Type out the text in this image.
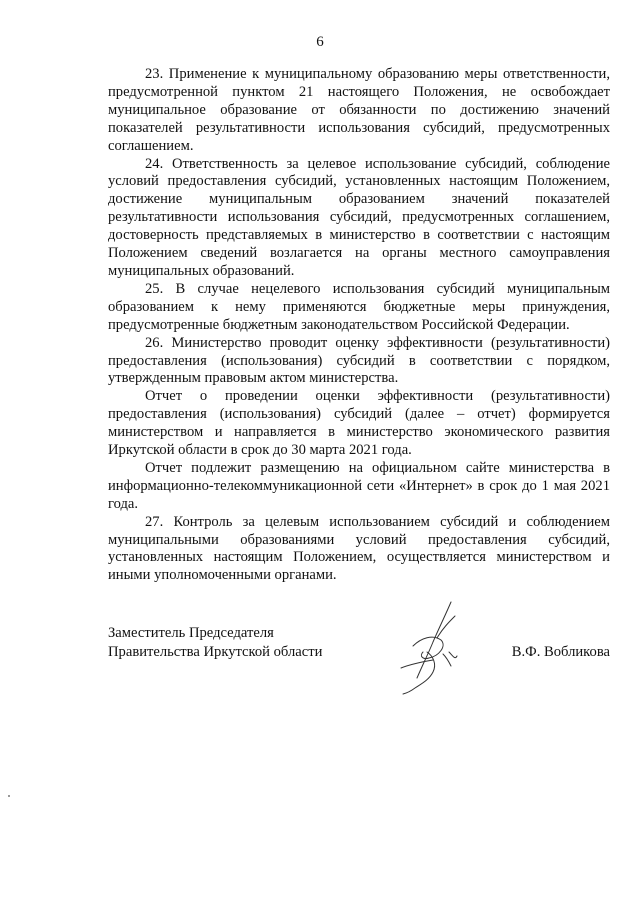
6

23. Применение к муниципальному образованию меры ответственности, предусмотренной пунктом 21 настоящего Положения, не освобождает муниципальное образование от обязанности по достижению значений показателей результативности использования субсидий, предусмотренных соглашением.

24. Ответственность за целевое использование субсидий, соблюдение условий предоставления субсидий, установленных настоящим Положением, достижение муниципальным образованием значений показателей результативности использования субсидий, предусмотренных соглашением, достоверность представляемых в министерство в соответствии с настоящим Положением сведений возлагается на органы местного самоуправления муниципальных образований.

25. В случае нецелевого использования субсидий муниципальным образованием к нему применяются бюджетные меры принуждения, предусмотренные бюджетным законодательством Российской Федерации.

26. Министерство проводит оценку эффективности (результативности) предоставления (использования) субсидий в соответствии с порядком, утвержденным правовым актом министерства.

Отчет о проведении оценки эффективности (результативности) предоставления (использования) субсидий (далее – отчет) формируется министерством и направляется в министерство экономического развития Иркутской области в срок до 30 марта 2021 года.

Отчет подлежит размещению на официальном сайте министерства в информационно-телекоммуникационной сети «Интернет» в срок до 1 мая 2021 года.

27. Контроль за целевым использованием субсидий и соблюдением муниципальными образованиями условий предоставления субсидий, установленных настоящим Положением, осуществляется министерством и иными уполномоченными органами.

Заместитель Председателя
Правительства Иркутской области	В.Ф. Вобликова
